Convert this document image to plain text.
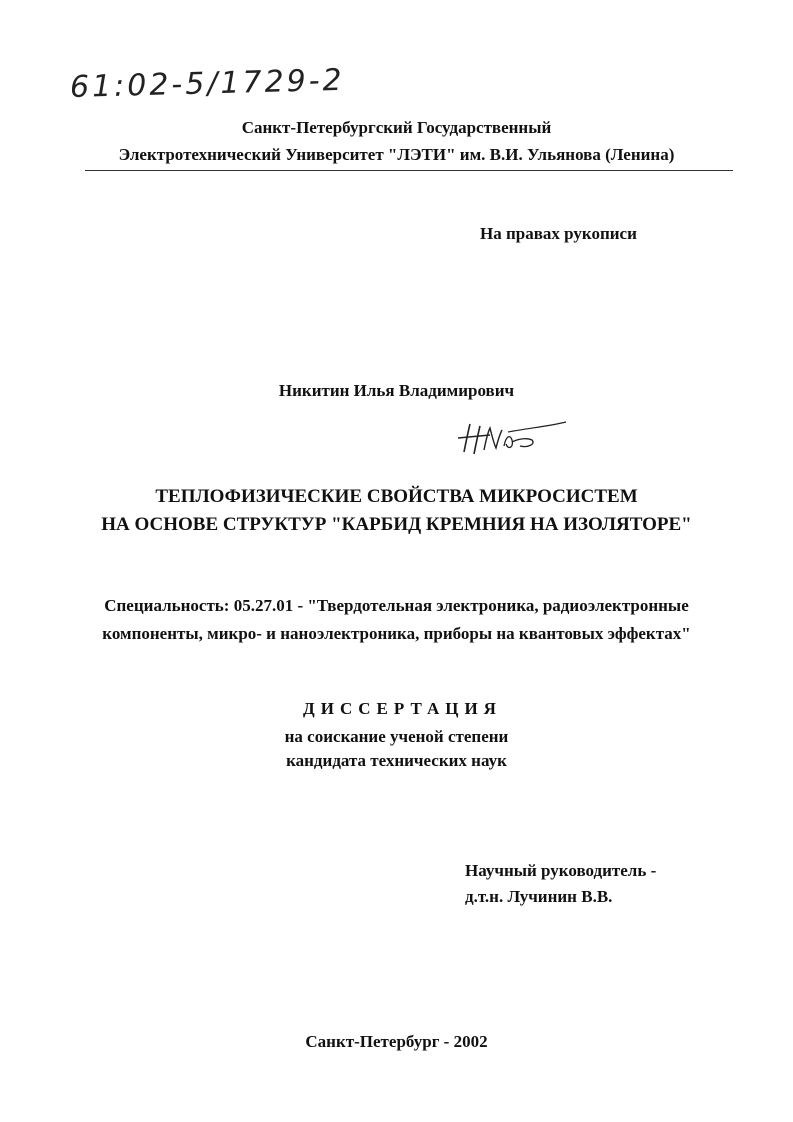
61:02-5/1729-2
Санкт-Петербургский Государственный
Электротехнический Университет "ЛЭТИ" им. В.И. Ульянова (Ленина)
На правах рукописи
Никитин Илья Владимирович
ТЕПЛОФИЗИЧЕСКИЕ СВОЙСТВА МИКРОСИСТЕМ
НА ОСНОВЕ СТРУКТУР "КАРБИД КРЕМНИЯ НА ИЗОЛЯТОРЕ"
Специальность: 05.27.01 - "Твердотельная электроника, радиоэлектронные
компоненты, микро- и наноэлектроника, приборы на квантовых эффектах"
ДИССЕРТАЦИЯ
на соискание ученой степени
кандидата технических наук
Научный руководитель -
д.т.н. Лучинин В.В.
Санкт-Петербург - 2002
